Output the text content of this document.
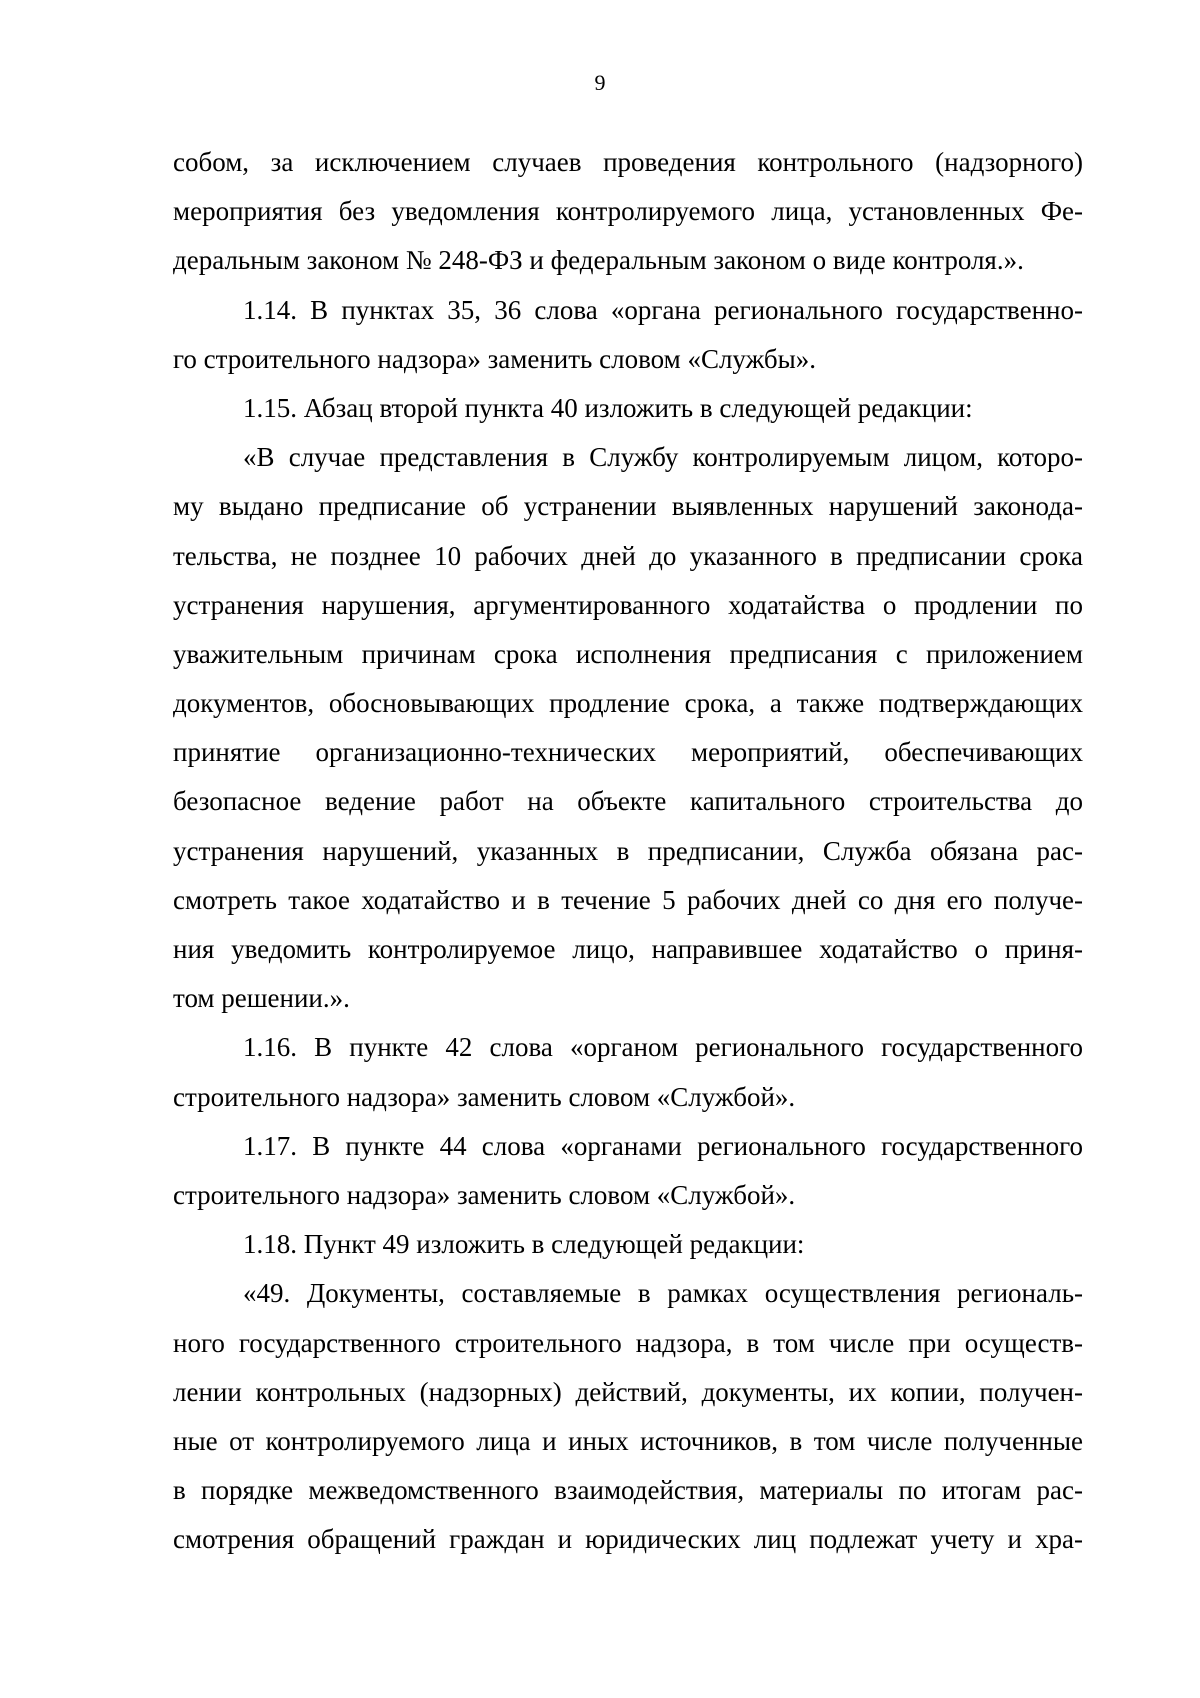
9
собом, за исключением случаев проведения контрольного (надзорного)
мероприятия без уведомления контролируемого лица, установленных Фе-
деральным законом № 248-ФЗ и федеральным законом о виде контроля.».
1.14. В пунктах 35, 36 слова «органа регионального государственно-
го строительного надзора» заменить словом «Службы».
1.15. Абзац второй пункта 40 изложить в следующей редакции:
«В случае представления в Службу контролируемым лицом, которо-
му выдано предписание об устранении выявленных нарушений законода-
тельства, не позднее 10 рабочих дней до указанного в предписании срока
устранения нарушения, аргументированного ходатайства о продлении по
уважительным причинам срока исполнения предписания с приложением
документов, обосновывающих продление срока, а также подтверждающих
принятие организационно-технических мероприятий, обеспечивающих
безопасное ведение работ на объекте капитального строительства до
устранения нарушений, указанных в предписании, Служба обязана рас-
смотреть такое ходатайство и в течение 5 рабочих дней со дня его получе-
ния уведомить контролируемое лицо, направившее ходатайство о приня-
том решении.».
1.16. В пункте 42 слова «органом регионального государственного
строительного надзора» заменить словом «Службой».
1.17. В пункте 44 слова «органами регионального государственного
строительного надзора» заменить словом «Службой».
1.18. Пункт 49 изложить в следующей редакции:
«49. Документы, составляемые в рамках осуществления региональ-
ного государственного строительного надзора, в том числе при осуществ-
лении контрольных (надзорных) действий, документы, их копии, получен-
ные от контролируемого лица и иных источников, в том числе полученные
в порядке межведомственного взаимодействия, материалы по итогам рас-
смотрения обращений граждан и юридических лиц подлежат учету и хра-
